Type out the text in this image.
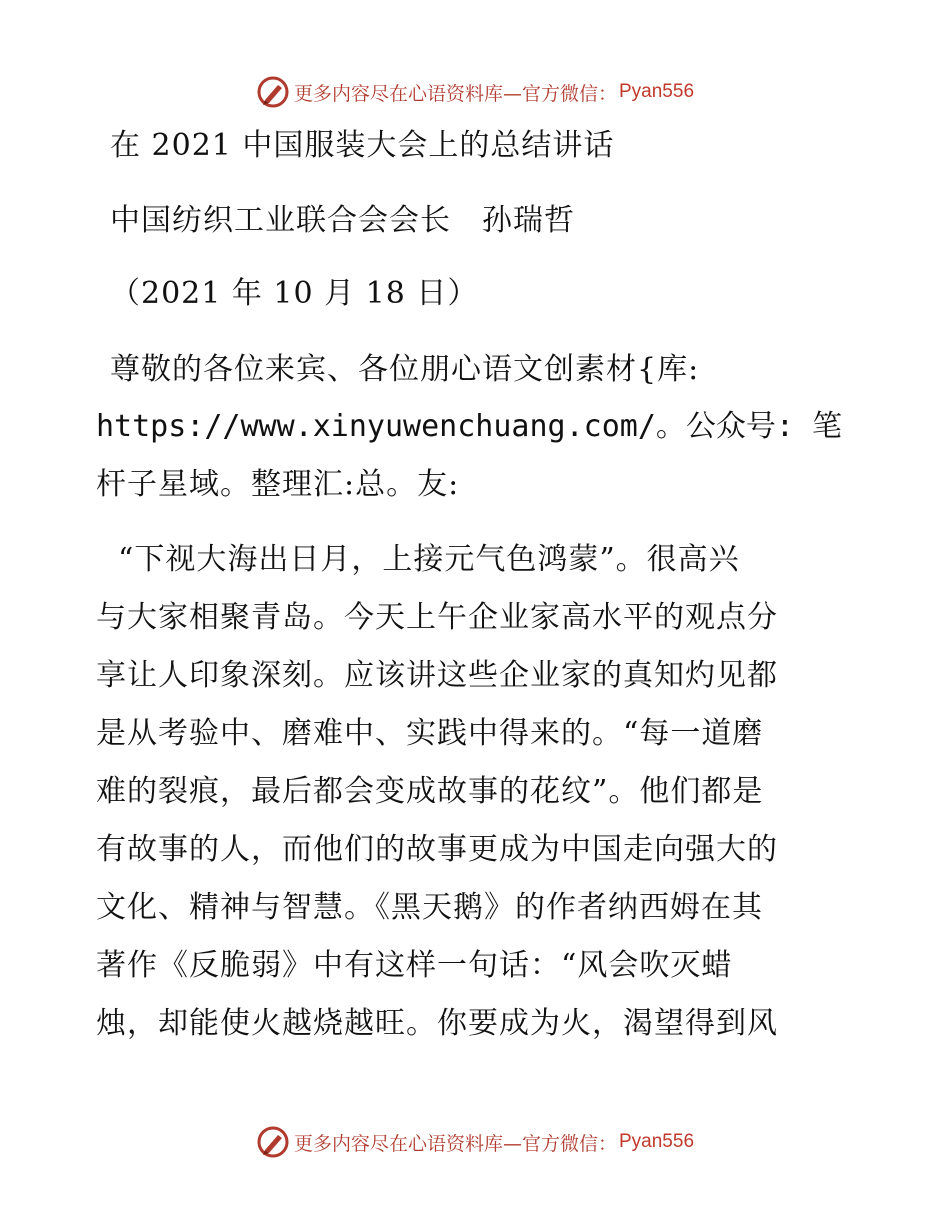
更多内容尽在心语资料库—官方微信： Pyan556
在 2021 中国服装大会上的总结讲话
中国纺织工业联合会会长　孙瑞哲
（2021 年 10 月 18 日）
尊敬的各位来宾、各位朋心语文创素材{库:
https://www.xinyuwenchuang.com/。公众号: 笔
杆子星域。整理汇:总。友:
“下视大海出日月，上接元气色鸿蒙”。很高兴
与大家相聚青岛。今天上午企业家高水平的观点分
享让人印象深刻。应该讲这些企业家的真知灼见都
是从考验中、磨难中、实践中得来的。“每一道磨
难的裂痕，最后都会变成故事的花纹”。他们都是
有故事的人，而他们的故事更成为中国走向强大的
文化、精神与智慧。《黑天鹅》的作者纳西姆在其
著作《反脆弱》中有这样一句话：“风会吹灭蜡
烛，却能使火越烧越旺。你要成为火，渴望得到风
更多内容尽在心语资料库—官方微信： Pyan556
